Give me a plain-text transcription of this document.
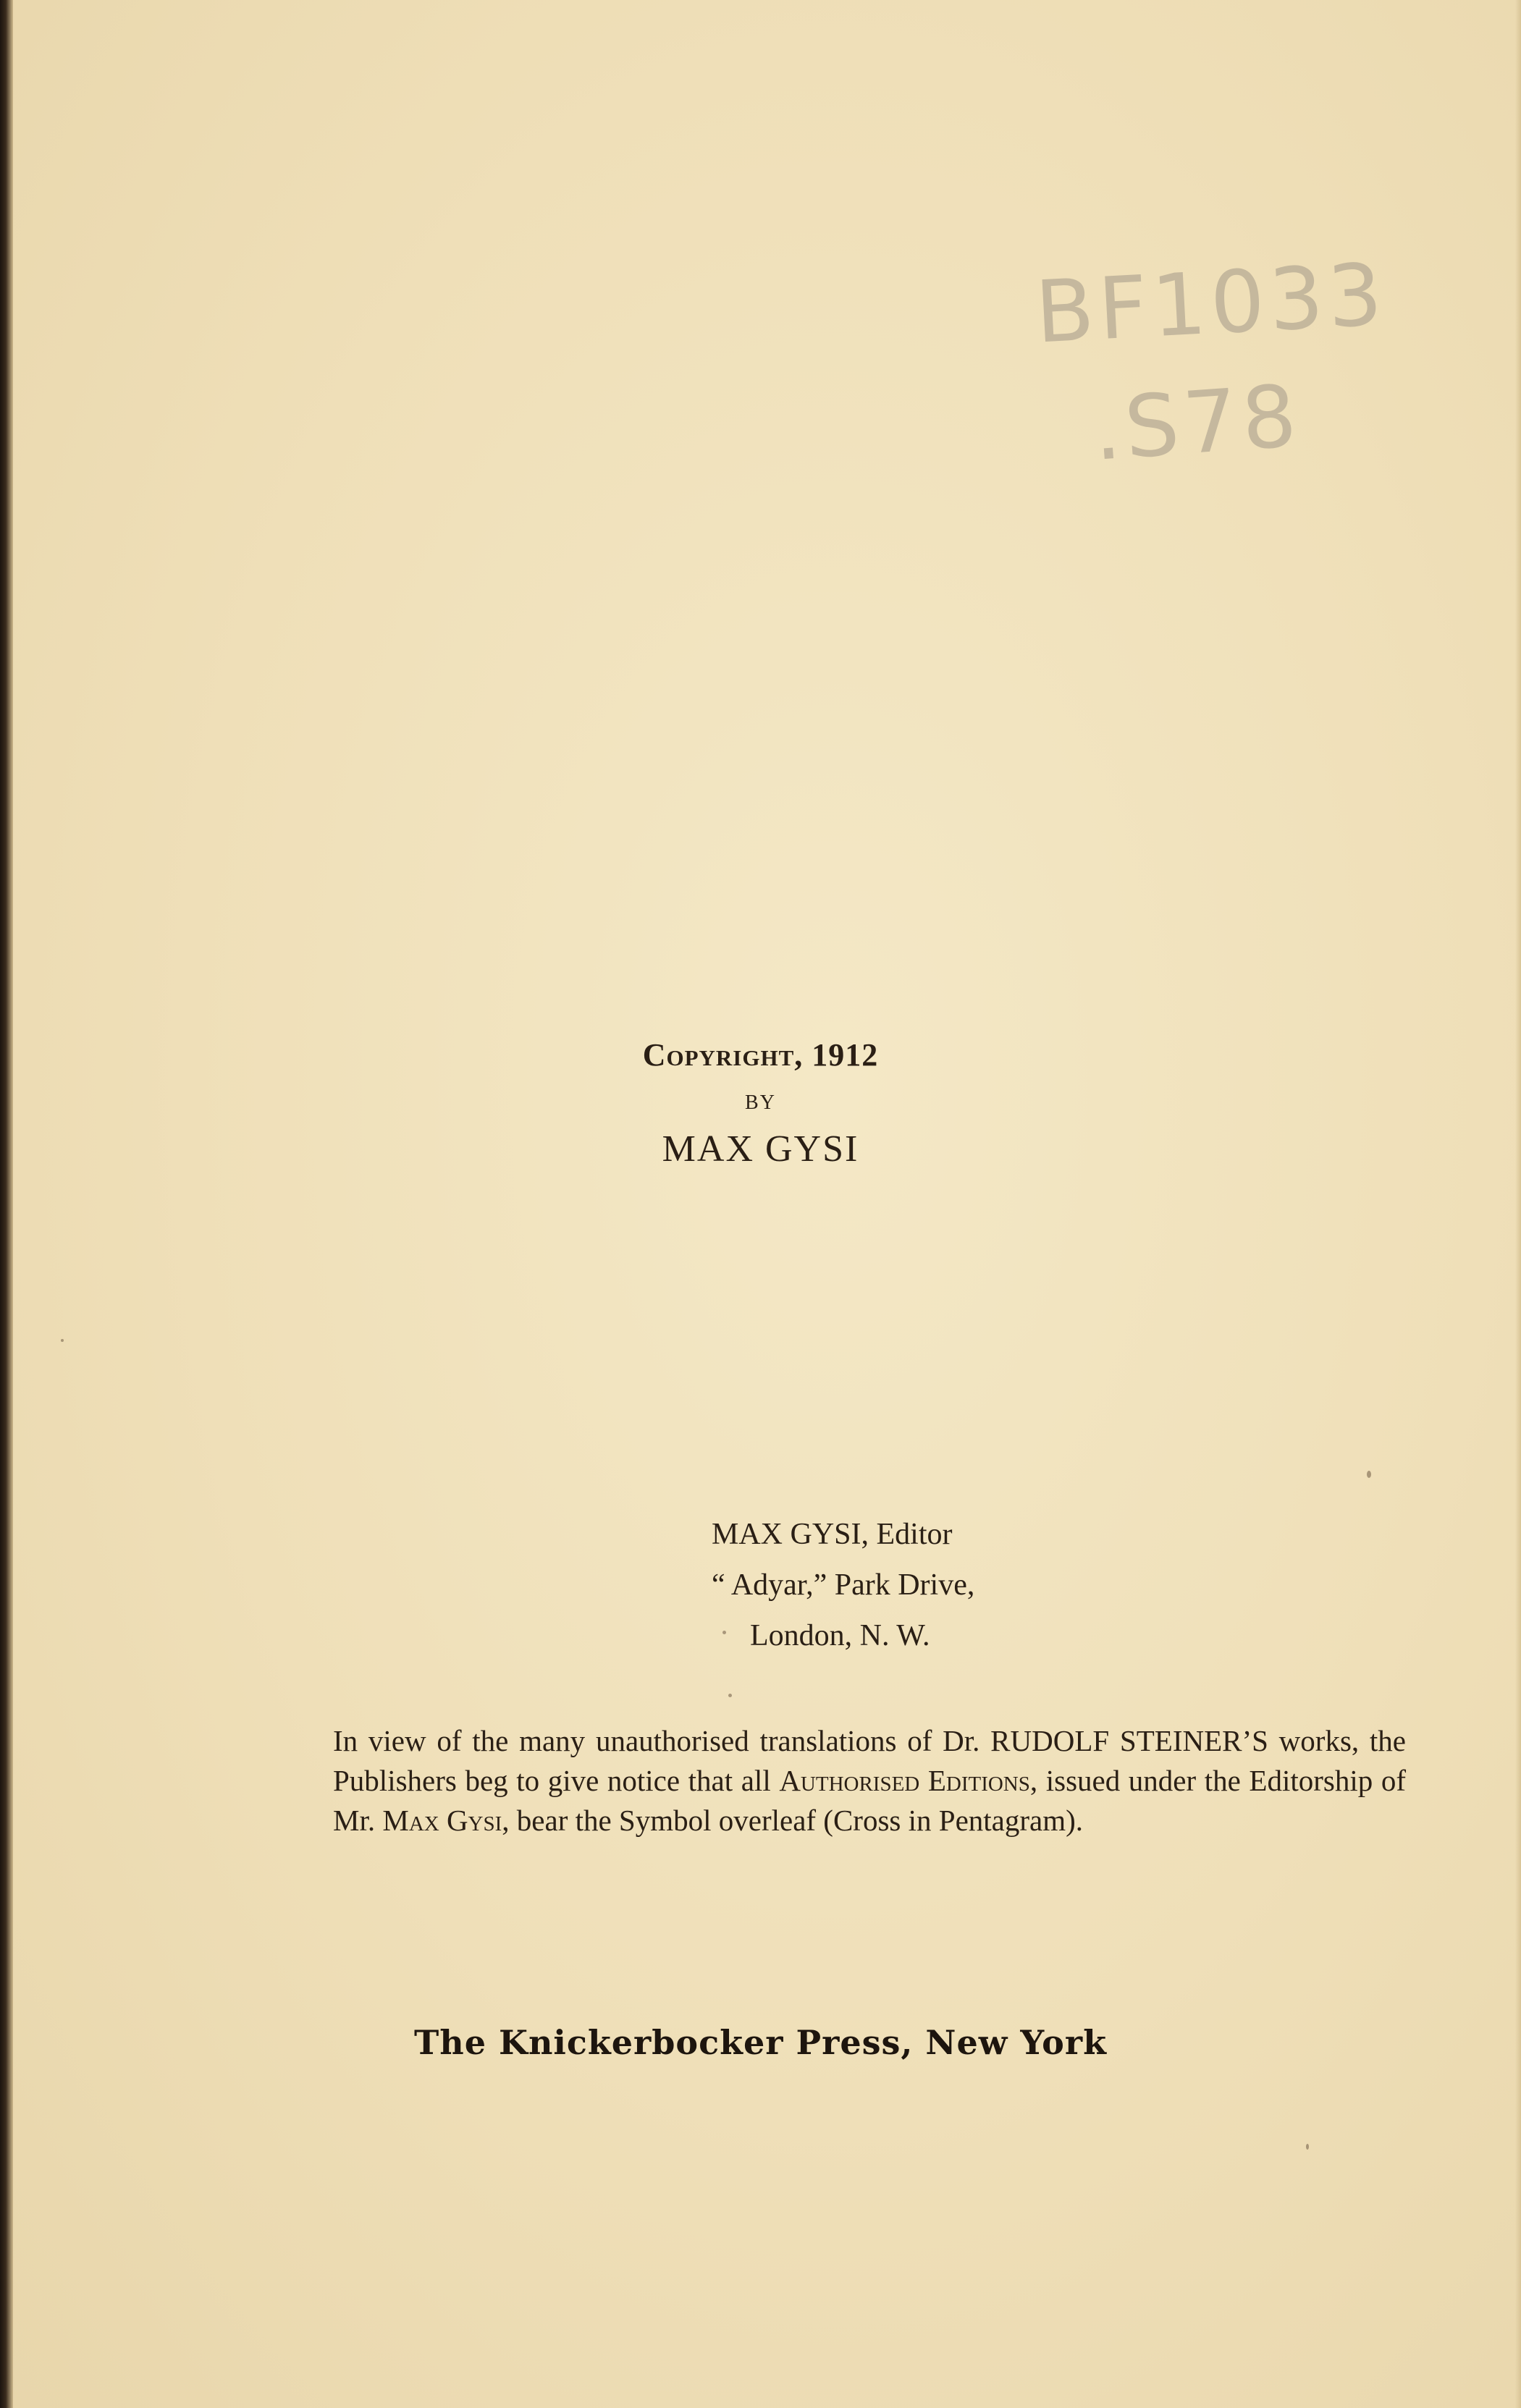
BF1033
.S78
Copyright, 1912
BY
MAX GYSI
MAX GYSI, Editor
“ Adyar,” Park Drive,
London, N. W.
In view of the many unauthorised translations of Dr. RUDOLF STEINER’S works, the Publishers beg to give notice that all Authorised Editions, issued under the Editorship of Mr. Max Gysi, bear the Symbol overleaf (Cross in Pentagram).
The Knickerbocker Press, New York
